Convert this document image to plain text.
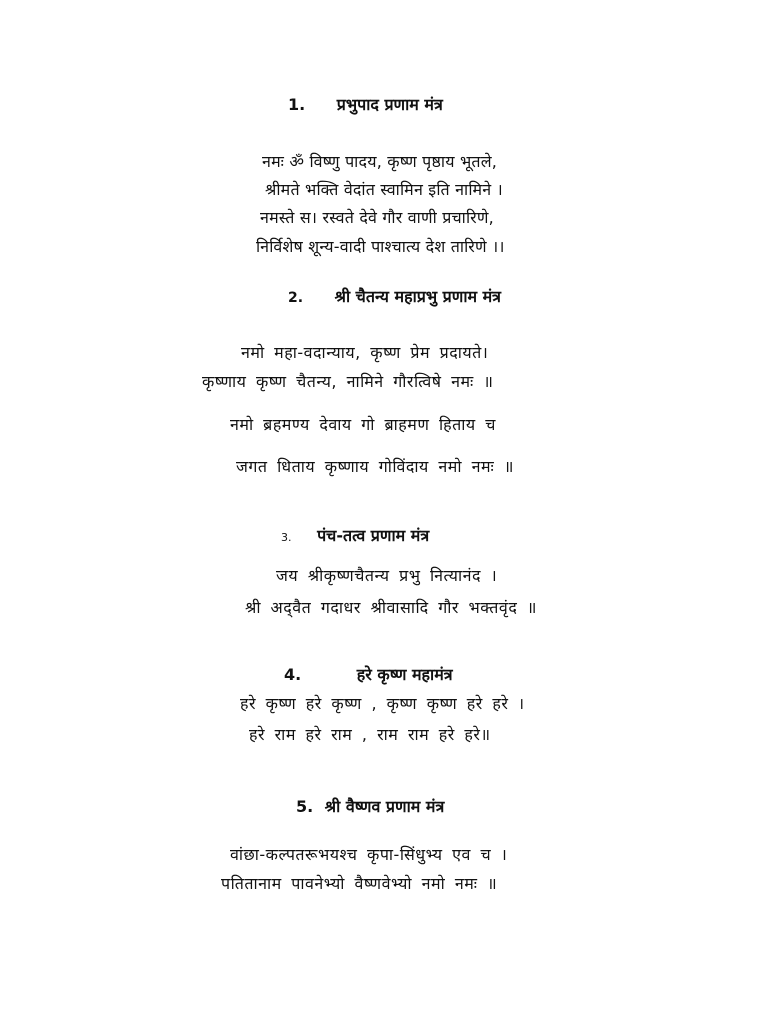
1. प्रभुपाद प्रणाम मंत्र
नमः ॐ विष्णु पादय, कृष्ण पृष्ठाय भूतले,
श्रीमते भक्ति वेदांत स्वामिन इति नामिने ।
नमस्ते स। रस्वते देवे गौर वाणी प्रचारिणे,
निर्विशेष शून्य-वादी पाश्चात्य देश तारिणे ।।
2. श्री चैतन्य महाप्रभु प्रणाम मंत्र
नमो महा-वदान्याय, कृष्ण प्रेम प्रदायते।
कृष्णाय कृष्ण चैतन्य, नामिने गौरत्विषे नमः ॥
नमो ब्रहमण्य देवाय गो ब्राहमण हिताय च
जगत धिताय कृष्णाय गोविंदाय नमो नमः ॥
3. पंच-तत्व प्रणाम मंत्र
जय श्रीकृष्णचैतन्य प्रभु नित्यानंद ।
श्री अद्‌वैत गदाधर श्रीवासादि गौर भक्तवृंद ॥
4.	हरे कृष्ण महामंत्र
हरे कृष्ण हरे कृष्ण , कृष्ण कृष्ण हरे हरे ।
हरे राम हरे राम , राम राम हरे हरे॥
5. श्री वैष्णव प्रणाम मंत्र
वांछा-कल्पतरूभयश्च कृपा-सिंधुभ्य एव च ।
पतितानाम पावनेभ्यो वैष्णवेभ्यो नमो नमः ॥
